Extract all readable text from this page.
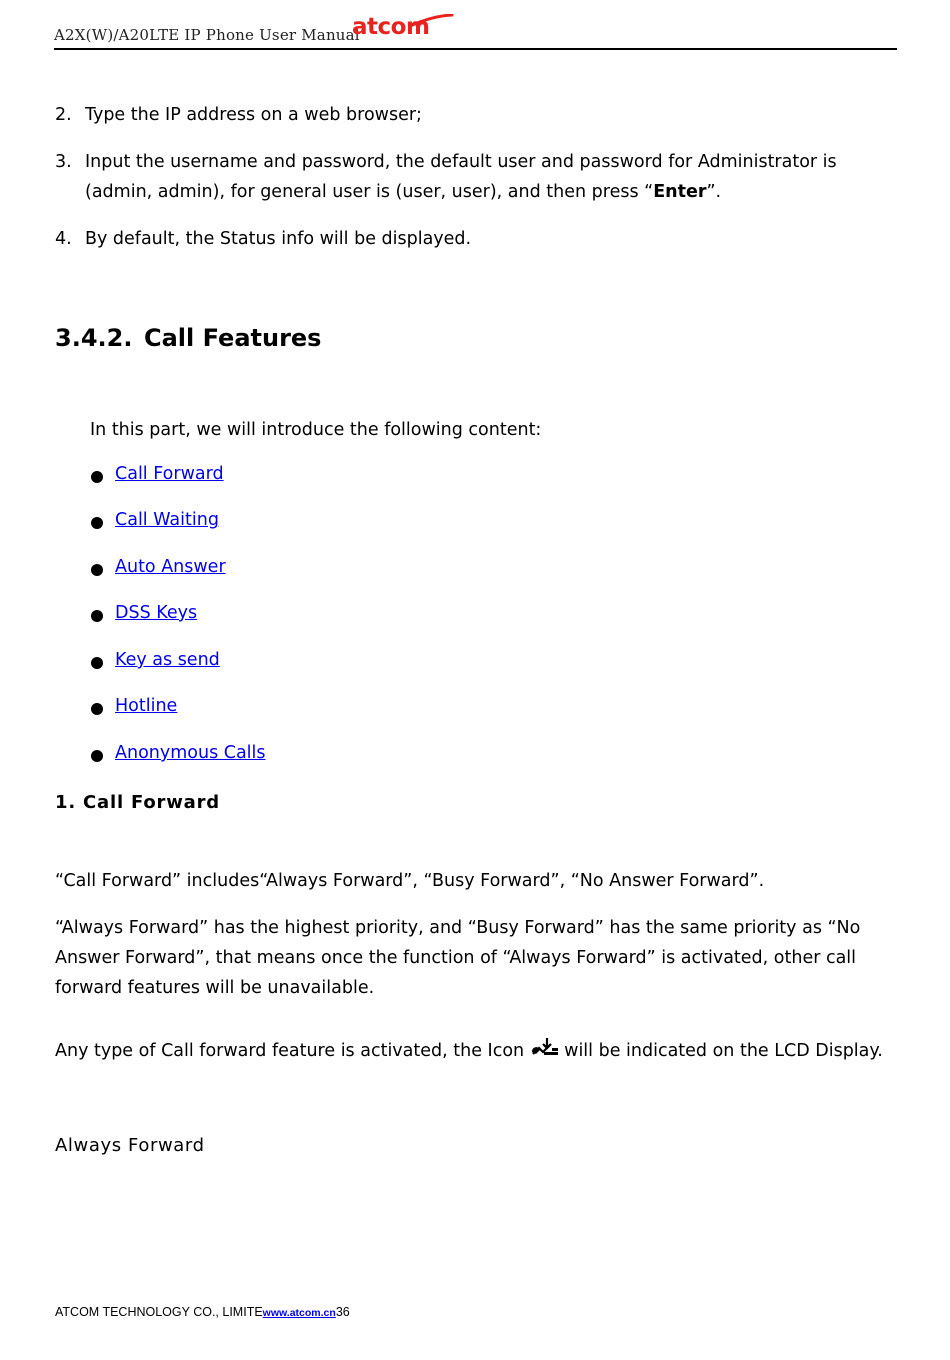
A2X(W)/A20LTE IP Phone User Manual
atcom
2. Type the IP address on a web browser;
3. Input the username and password, the default user and password for Administrator is
(admin, admin), for general user is (user, user), and then press “Enter”.
4. By default, the Status info will be displayed.
3.4.2. Call Features
In this part, we will introduce the following content:
Call Forward
Call Waiting
Auto Answer
DSS Keys
Key as send
Hotline
Anonymous Calls
1. Call Forward
“Call Forward” includes“Always Forward”, “Busy Forward”, “No Answer Forward”.
“Always Forward” has the highest priority, and “Busy Forward” has the same priority as “No
Answer Forward”, that means once the function of “Always Forward” is activated, other call
forward features will be unavailable.
Any type of Call forward feature is activated, the Icon will be indicated on the LCD Display.
Always Forward
ATCOM TECHNOLOGY CO., LIMITEwww.atcom.cn36
